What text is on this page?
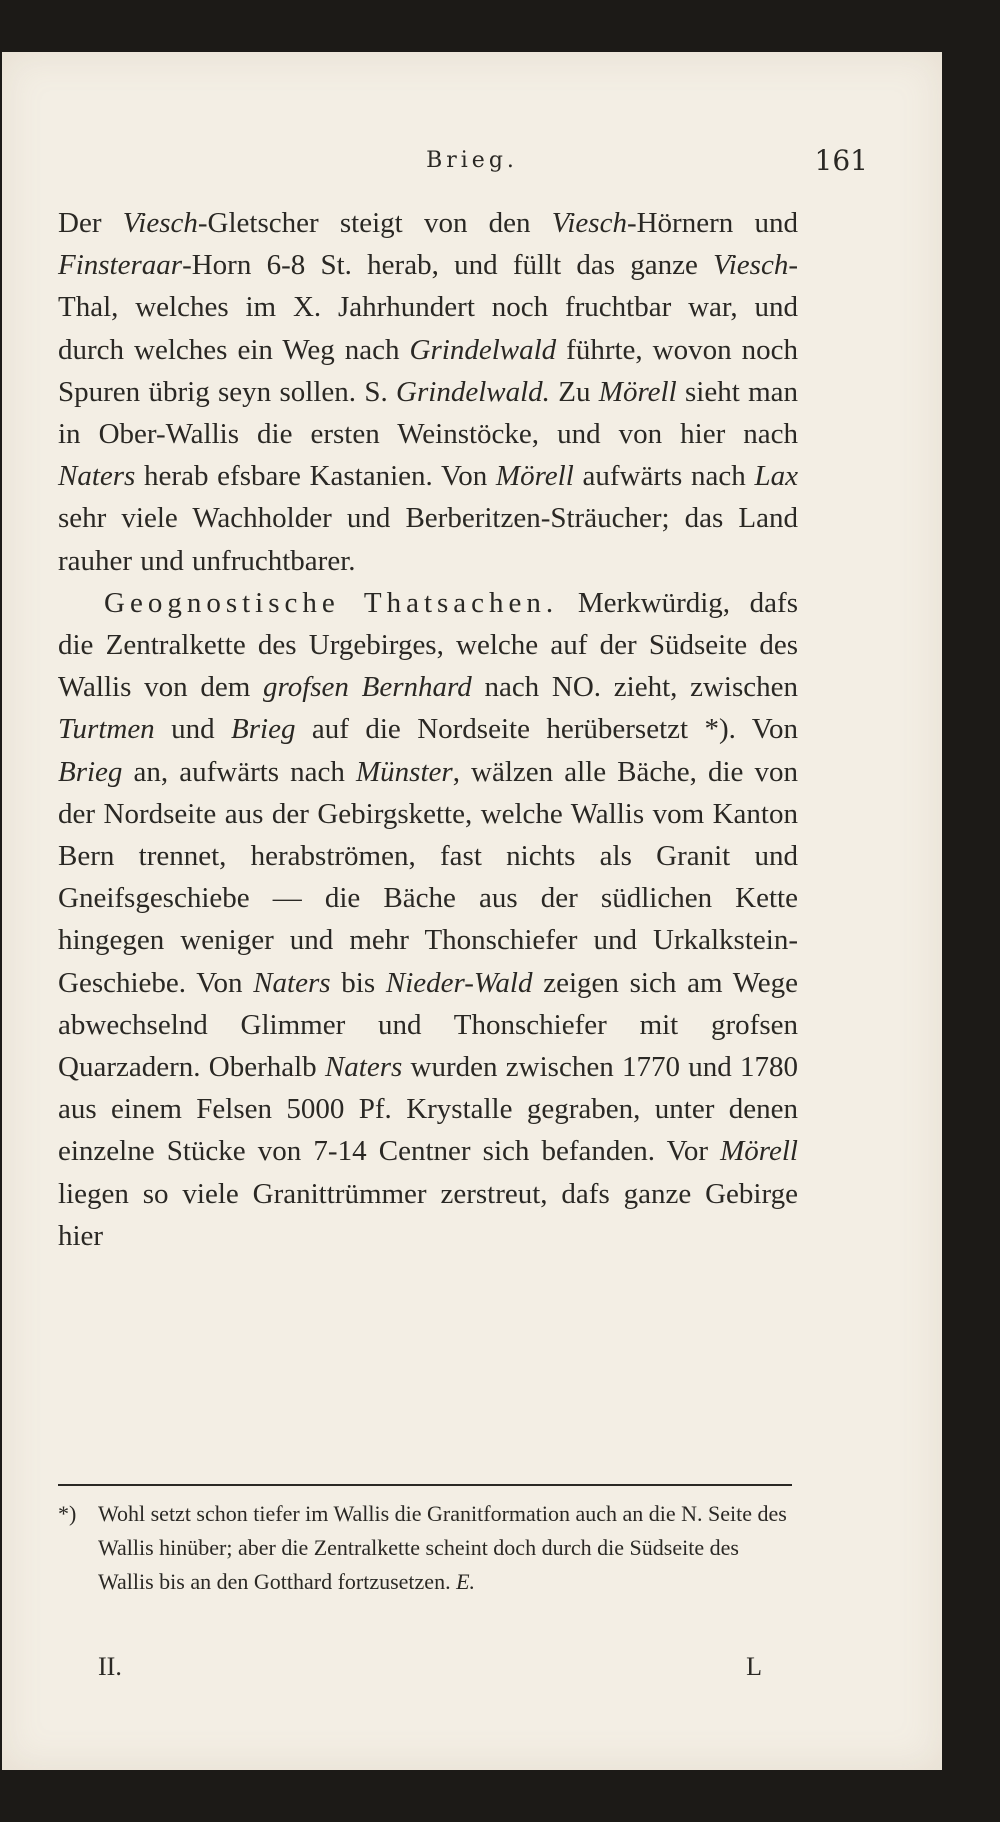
Brieg.	161

Der Viesch-Gletscher steigt von den Viesch-Hörnern und Finsteraar-Horn 6-8 St. herab, und füllt das ganze Viesch-Thal, welches im X. Jahrhundert noch fruchtbar war, und durch welches ein Weg nach Grindelwald führte, wovon noch Spuren übrig seyn sollen. S. Grindelwald. Zu Mörell sieht man in Ober-Wallis die ersten Weinstöcke, und von hier nach Naters herab efsbare Kastanien. Von Mörell aufwärts nach Lax sehr viele Wachholder und Berberitzen-Sträucher; das Land rauher und unfruchtbarer.

Geognostische Thatsachen. Merkwürdig, dafs die Zentralkette des Urgebirges, welche auf der Südseite des Wallis von dem grofsen Bernhard nach NO. zieht, zwischen Turtmen und Brieg auf die Nordseite herübersetzt *). Von Brieg an, aufwärts nach Münster, wälzen alle Bäche, die von der Nordseite aus der Gebirgskette, welche Wallis vom Kanton Bern trennet, herabströmen, fast nichts als Granit und Gneifsgeschiebe — die Bäche aus der südlichen Kette hingegen weniger und mehr Thonschiefer und Urkalkstein-Geschiebe. Von Naters bis Nieder-Wald zeigen sich am Wege abwechselnd Glimmer und Thonschiefer mit grofsen Quarzadern. Oberhalb Naters wurden zwischen 1770 und 1780 aus einem Felsen 5000 Pf. Krystalle gegraben, unter denen einzelne Stücke von 7-14 Centner sich befanden. Vor Mörell liegen so viele Granittrümmer zerstreut, dafs ganze Gebirge hier

*) Wohl setzt schon tiefer im Wallis die Granitformation auch an die N. Seite des Wallis hinüber; aber die Zentralkette scheint doch durch die Südseite des Wallis bis an den Gotthard fortzusetzen. E.
II.	L
